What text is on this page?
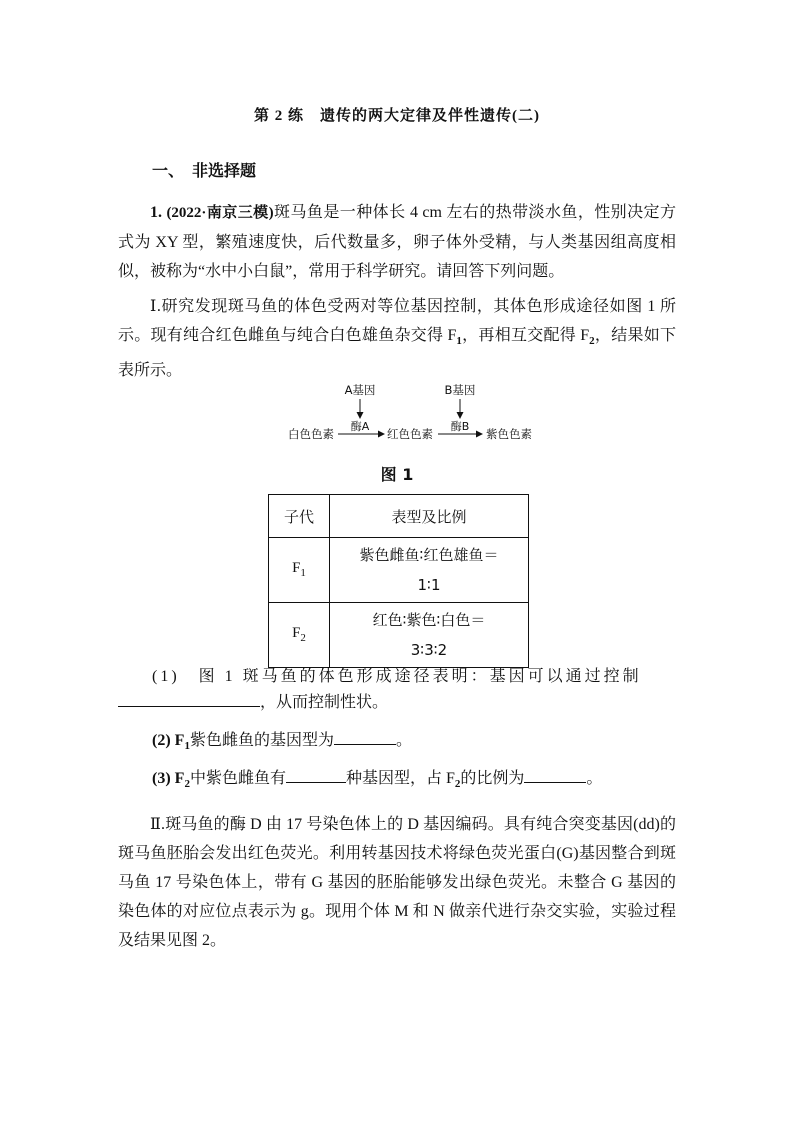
第 2 练　遗传的两大定律及伴性遗传(二)
一、　非选择题

1. (2022·南京三模)斑马鱼是一种体长 4 cm 左右的热带淡水鱼，性别决定方式为 XY 型，繁殖速度快，后代数量多，卵子体外受精，与人类基因组高度相似，被称为“水中小白鼠”，常用于科学研究。请回答下列问题。

Ⅰ.研究发现斑马鱼的体色受两对等位基因控制，其体色形成途径如图 1 所示。现有纯合红色雌鱼与纯合白色雄鱼杂交得 $F_1$，再相互交配得 $F_2$，结果如下表所示。

A基因	B基因
酶A	酶B
白色色素	红色色素	紫色色素
图 1
子代	表型及比例
$F_1$	紫色雌鱼∶红色雄鱼＝
1∶1

$F_2$	红色∶紫色∶白色＝
3∶3∶2
(1)　图 1 斑马鱼的体色形成途径表明：基因可以通过控制
，从而控制性状。
(2) $F_1$紫色雌鱼的基因型为	。
(3) $F_2$中紫色雌鱼有	种基因型，占 $F_2$的比例为	。

Ⅱ.斑马鱼的酶 D 由 17 号染色体上的 D 基因编码。具有纯合突变基因(dd)的斑马鱼胚胎会发出红色荧光。利用转基因技术将绿色荧光蛋白(G)基因整合到斑马鱼 17 号染色体上，带有 G 基因的胚胎能够发出绿色荧光。未整合 G 基因的染色体的对应位点表示为 g。现用个体 M 和 N 做亲代进行杂交实验，实验过程及结果见图 2。
